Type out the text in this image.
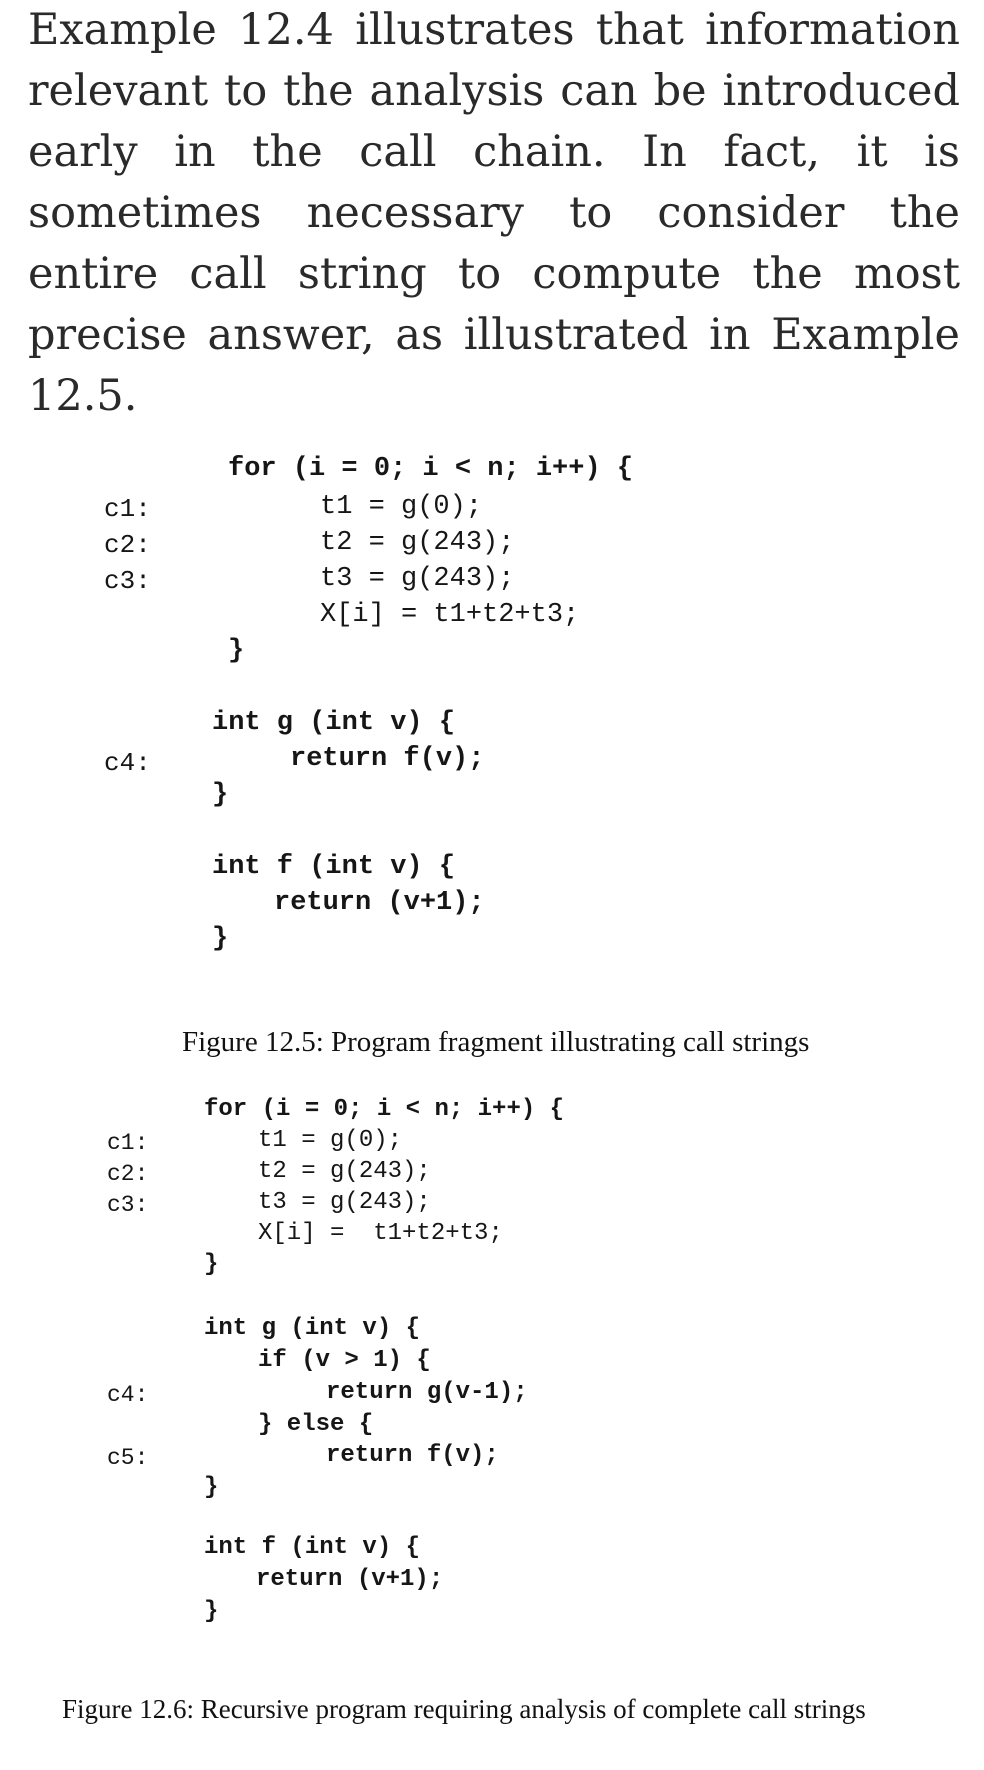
Example 12.4 illustrates that information relevant to the analysis can be introduced early in the call chain. In fact, it is sometimes necessary to consider the entire call string to compute the most precise answer, as illustrated in Example 12.5.

c1:
c2:
c3:
c4:
for (i = 0; i < n; i++) {
t1 = g(0);
t2 = g(243);
t3 = g(243);
X[i] = t1+t2+t3;
}
int g (int v) {
return f(v);
}
int f (int v) {
return (v+1);
}
Figure 12.5: Program fragment illustrating call strings
c1:
c2:
c3:
c4:
c5:
for (i = 0; i < n; i++) {
t1 = g(0);
t2 = g(243);
t3 = g(243);
X[i] =  t1+t2+t3;
}
int g (int v) {
if (v > 1) {
return g(v-1);
} else {
return f(v);
}
int f (int v) {
return (v+1);
}
Figure 12.6: Recursive program requiring analysis of complete call strings
